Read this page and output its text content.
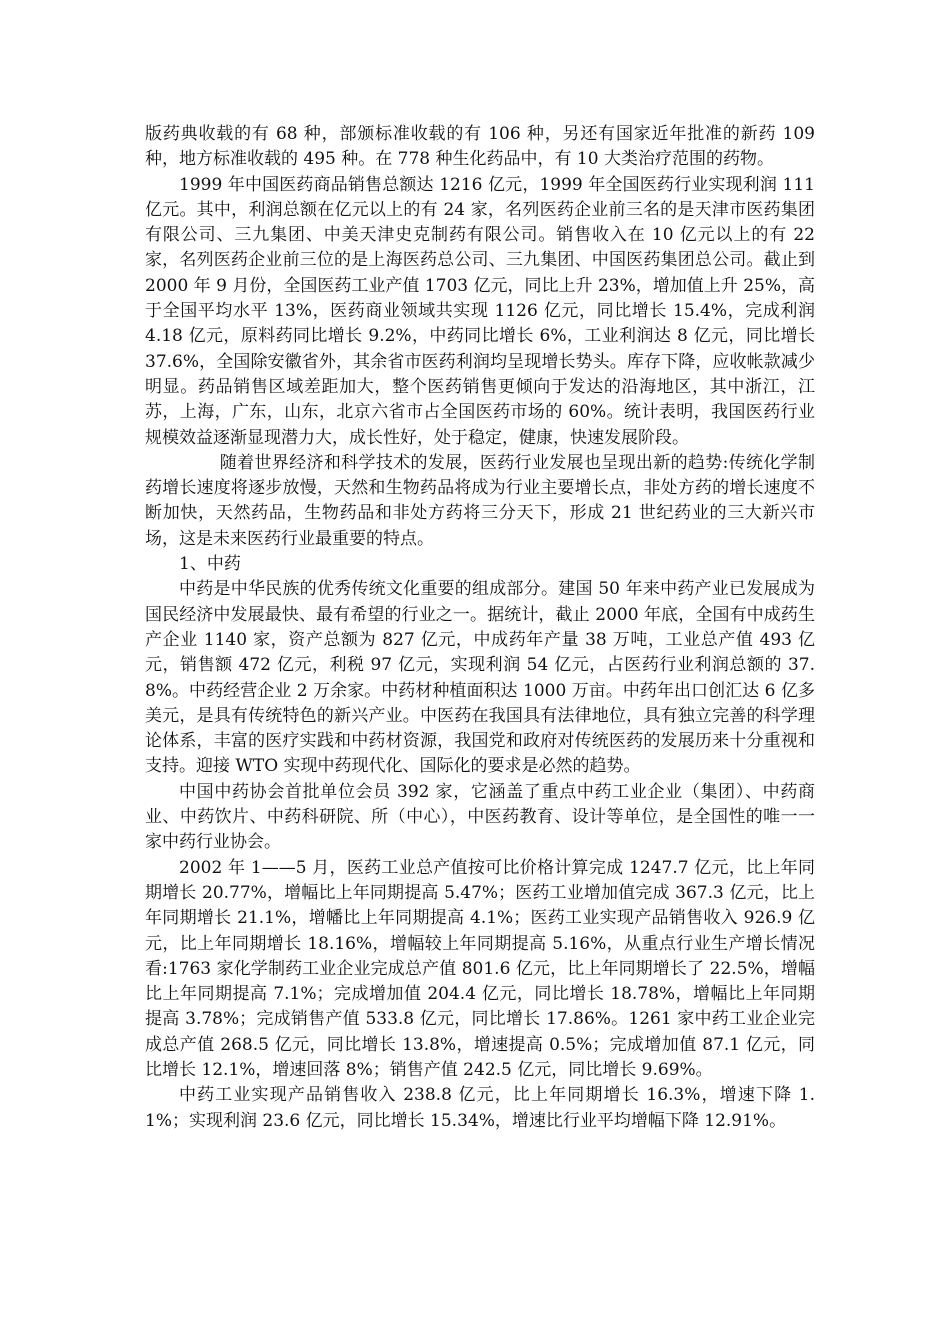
版药典收载的有 68 种，部颁标准收载的有 106 种，另还有国家近年批准的新药 109 种，地方标准收载的 495 种。在 778 种生化药品中，有 10 大类治疗范围的药物。

1999 年中国医药商品销售总额达 1216 亿元，1999 年全国医药行业实现利润 111 亿元。其中，利润总额在亿元以上的有 24 家，名列医药企业前三名的是天津市医药集团有限公司、三九集团、中美天津史克制药有限公司。销售收入在 10 亿元以上的有 22 家，名列医药企业前三位的是上海医药总公司、三九集团、中国医药集团总公司。截止到 2000 年 9 月份，全国医药工业产值 1703 亿元，同比上升 23%，增加值上升 25%，高于全国平均水平 13%，医药商业领域共实现 1126 亿元，同比增长 15.4%，完成利润 4.18 亿元，原料药同比增长 9.2%，中药同比增长 6%，工业利润达 8 亿元，同比增长 37.6%，全国除安徽省外，其余省市医药利润均呈现增长势头。库存下降，应收帐款减少明显。药品销售区域差距加大，整个医药销售更倾向于发达的沿海地区，其中浙江，江苏，上海，广东，山东，北京六省市占全国医药市场的 60%。统计表明，我国医药行业规模效益逐渐显现潜力大，成长性好，处于稳定，健康，快速发展阶段。

随着世界经济和科学技术的发展，医药行业发展也呈现出新的趋势:传统化学制药增长速度将逐步放慢，天然和生物药品将成为行业主要增长点，非处方药的增长速度不断加快，天然药品，生物药品和非处方药将三分天下，形成 21 世纪药业的三大新兴市场，这是未来医药行业最重要的特点。

1、中药

中药是中华民族的优秀传统文化重要的组成部分。建国 50 年来中药产业已发展成为国民经济中发展最快、最有希望的行业之一。据统计，截止 2000 年底，全国有中成药生产企业 1140 家，资产总额为 827 亿元，中成药年产量 38 万吨，工业总产值 493 亿元，销售额 472 亿元，利税 97 亿元，实现利润 54 亿元，占医药行业利润总额的 37.8%。中药经营企业 2 万余家。中药材种植面积达 1000 万亩。中药年出口创汇达 6 亿多美元，是具有传统特色的新兴产业。中医药在我国具有法律地位，具有独立完善的科学理论体系，丰富的医疗实践和中药材资源，我国党和政府对传统医药的发展历来十分重视和支持。迎接 WTO 实现中药现代化、国际化的要求是必然的趋势。

中国中药协会首批单位会员 392 家，它涵盖了重点中药工业企业（集团）、中药商业、中药饮片、中药科研院、所（中心），中医药教育、设计等单位，是全国性的唯一一家中药行业协会。

2002 年 1——5 月，医药工业总产值按可比价格计算完成 1247.7 亿元，比上年同期增长 20.77%，增幅比上年同期提高 5.47%；医药工业增加值完成 367.3 亿元，比上年同期增长 21.1%，增幡比上年同期提高 4.1%；医药工业实现产品销售收入 926.9 亿元，比上年同期增长 18.16%，增幅较上年同期提高 5.16%，从重点行业生产增长情况看:1763 家化学制药工业企业完成总产值 801.6 亿元，比上年同期增长了 22.5%，增幅比上年同期提高 7.1%；完成增加值 204.4 亿元，同比增长 18.78%，增幅比上年同期提高 3.78%；完成销售产值 533.8 亿元，同比增长 17.86%。1261 家中药工业企业完成总产值 268.5 亿元，同比增长 13.8%，增速提高 0.5%；完成增加值 87.1 亿元，同比增长 12.1%，增速回落 8%；销售产值 242.5 亿元，同比增长 9.69%。

中药工业实现产品销售收入 238.8 亿元，比上年同期增长 16.3%，增速下降 1.1%；实现利润 23.6 亿元，同比增长 15.34%，增速比行业平均增幅下降 12.91%。
